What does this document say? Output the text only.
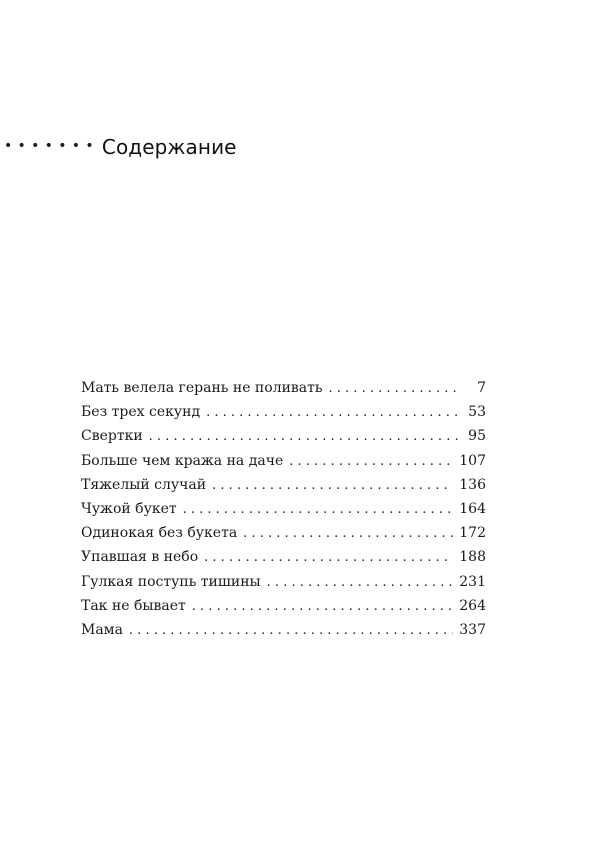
••••••• Содержание
Мать велела герань не поливать . . .	7
Без трех секунд . . .	53
Свертки . . .	95
Больше чем кража на даче . . .	107
Тяжелый случай . . .	136
Чужой букет . . .	164
Одинокая без букета . . .	172
Упавшая в небо . . .	188
Гулкая поступь тишины . . .	231
Так не бывает . . .	264
Мама . . .	337
